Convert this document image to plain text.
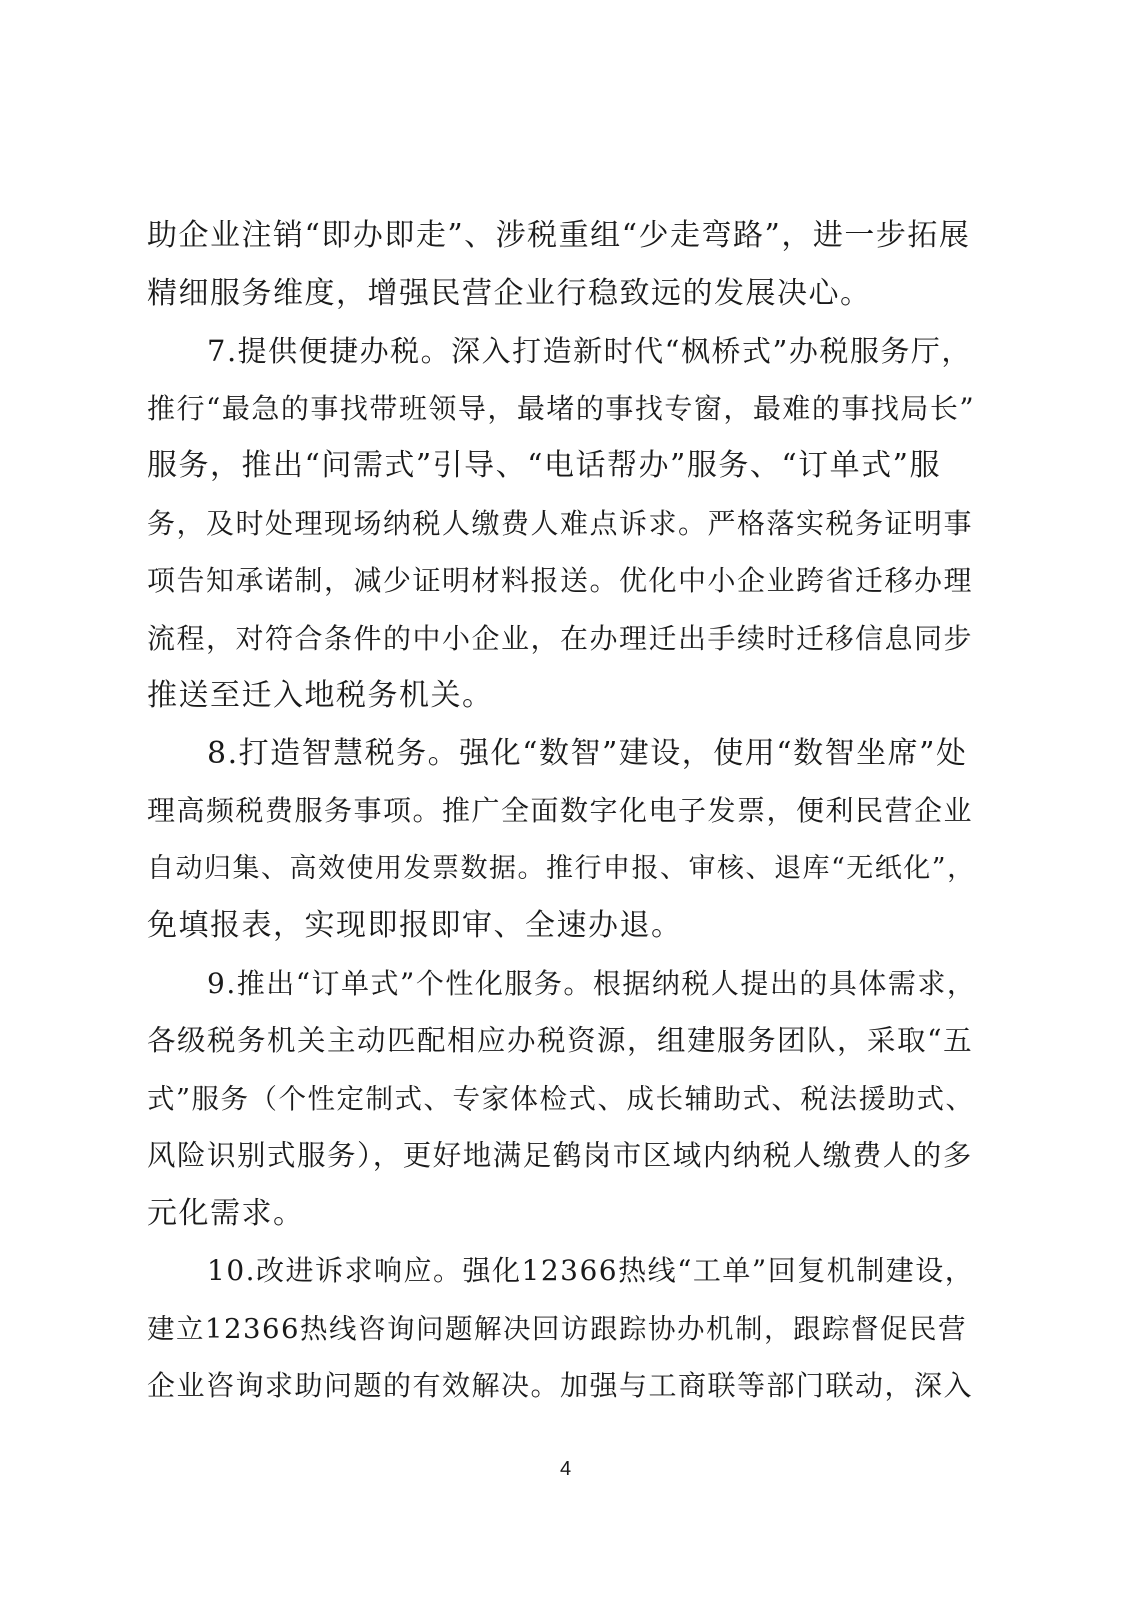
助企业注销“即办即走”、涉税重组“少走弯路”，进一步拓展
精细服务维度，增强民营企业行稳致远的发展决心。
7.提供便捷办税。深入打造新时代“枫桥式”办税服务厅，
推行“最急的事找带班领导，最堵的事找专窗，最难的事找局长”
服务，推出“问需式”引导、“电话帮办”服务、“订单式”服
务，及时处理现场纳税人缴费人难点诉求。严格落实税务证明事
项告知承诺制，减少证明材料报送。优化中小企业跨省迁移办理
流程，对符合条件的中小企业，在办理迁出手续时迁移信息同步
推送至迁入地税务机关。
8.打造智慧税务。强化“数智”建设，使用“数智坐席”处
理高频税费服务事项。推广全面数字化电子发票，便利民营企业
自动归集、高效使用发票数据。推行申报、审核、退库“无纸化”，
免填报表，实现即报即审、全速办退。
9.推出“订单式”个性化服务。根据纳税人提出的具体需求，
各级税务机关主动匹配相应办税资源，组建服务团队，采取“五
式”服务（个性定制式、专家体检式、成长辅助式、税法援助式、
风险识别式服务），更好地满足鹤岗市区域内纳税人缴费人的多
元化需求。
10.改进诉求响应。强化12366热线“工单”回复机制建设，
建立12366热线咨询问题解决回访跟踪协办机制，跟踪督促民营
企业咨询求助问题的有效解决。加强与工商联等部门联动，深入
4
